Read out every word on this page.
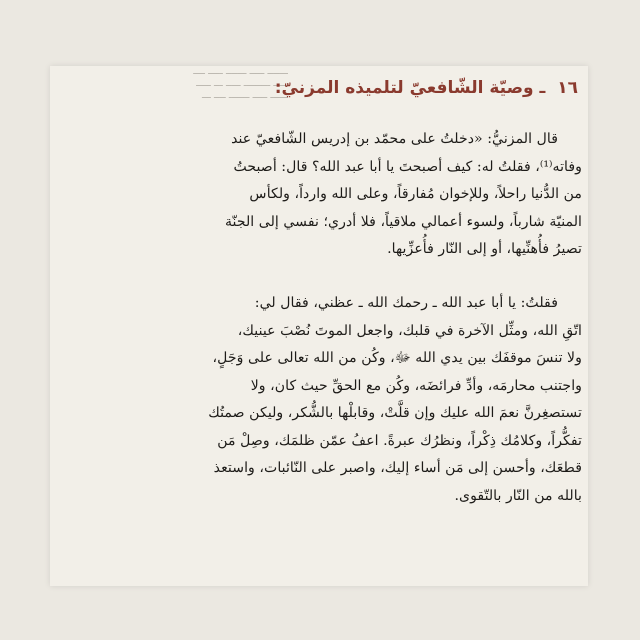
ـــــــ ـــــ ـــــــ ـــــ ــــ
ـــــ ـــــــــ ـــــ ـــ ـــــ
ــــــ ـــــ ـــــــ ــــ ـــ	١٦ ـ وصيّة الشّافعيّ لتلميذه المزنيّ:

قال المزنيُّ: «دخلتُ على محمّد بن إدريس الشّافعيّ عند

وفاته⁽¹⁾، فقلتُ له: كيف أصبحتَ يا أبا عبد الله؟ قال: أصبحتُ

من الدُّنيا راحلاً، وللإخوان مُفارقاً، وعلى الله وارداً، ولكأس

المنيّة شارباً، ولسوء أعمالي ملاقياً، فلا أدري؛ نفسي إلى الجنّة

تصيرُ فأُهنِّيها، أو إلى النّار فأُعزِّيها.

فقلتُ: يا أبا عبد الله ـ رحمك الله ـ عظني، فقال لي:

اتّقِ الله، ومثِّل الآخرة في قلبك، واجعل الموتَ نُصْبَ عينيك،

ولا تنسَ موقفَك بين يدي الله ﷻ، وكُن من الله تعالى على وَجَلٍ،

واجتنب محارمَه، وأدِّ فرائضَه، وكُن مع الحقِّ حيث كان، ولا

تستصغِرنَّ نعمَ الله عليك وإن قلَّتْ، وقابلْها بالشُّكر، وليكن صمتُك

تفكُّراً، وكلامُك ذِكْراً، ونظرُك عبرةً. اعفُ عمّن ظلمَك، وصِلْ مَن

قطعَك، وأحسن إلى مَن أساء إليك، واصبر على النّائبات، واستعذ

بالله من النّار بالتّقوى.
